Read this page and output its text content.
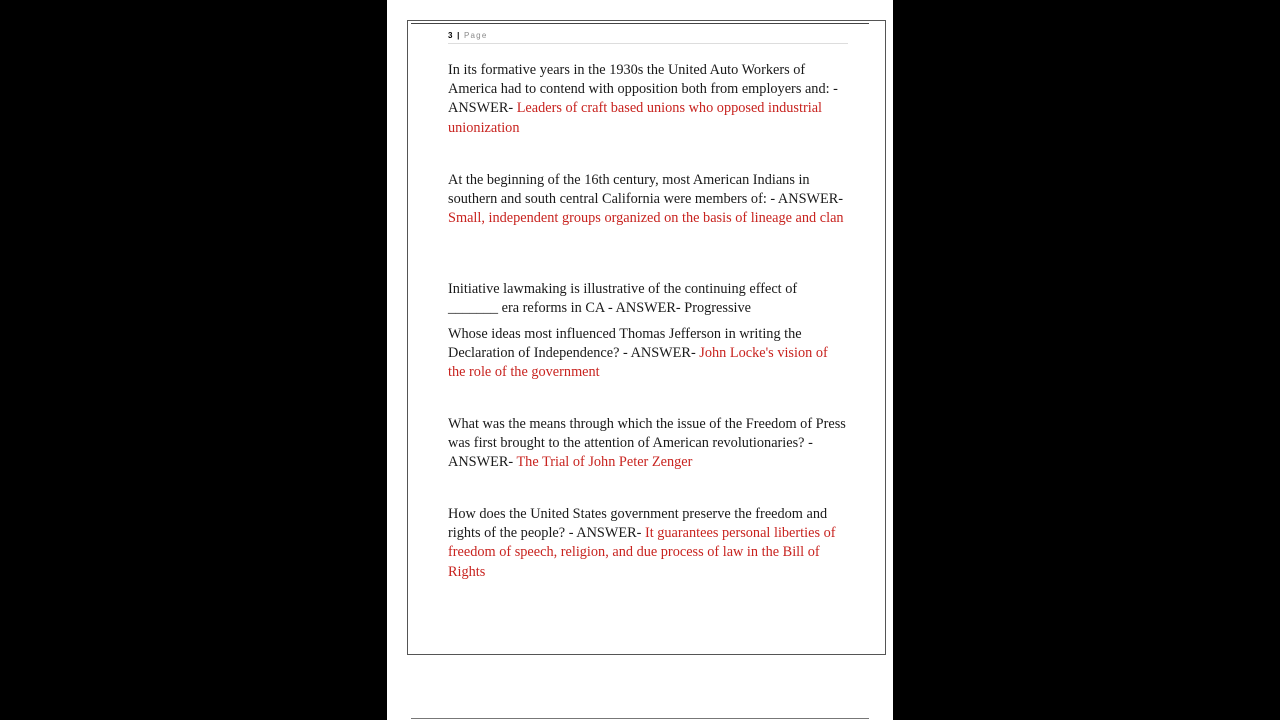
3 | Page

In its formative years in the 1930s the United Auto Workers of America had to contend with opposition both from employers and: - ANSWER- Leaders of craft based unions who opposed industrial unionization

At the beginning of the 16th century, most American Indians in southern and south central California were members of: - ANSWER- Small, independent groups organized on the basis of lineage and clan

Initiative lawmaking is illustrative of the continuing effect of _______ era reforms in CA - ANSWER- Progressive

Whose ideas most influenced Thomas Jefferson in writing the Declaration of Independence? - ANSWER- John Locke's vision of the role of the government

What was the means through which the issue of the Freedom of Press was first brought to the attention of American revolutionaries? - ANSWER- The Trial of John Peter Zenger

How does the United States government preserve the freedom and rights of the people? - ANSWER- It guarantees personal liberties of freedom of speech, religion, and due process of law in the Bill of Rights
